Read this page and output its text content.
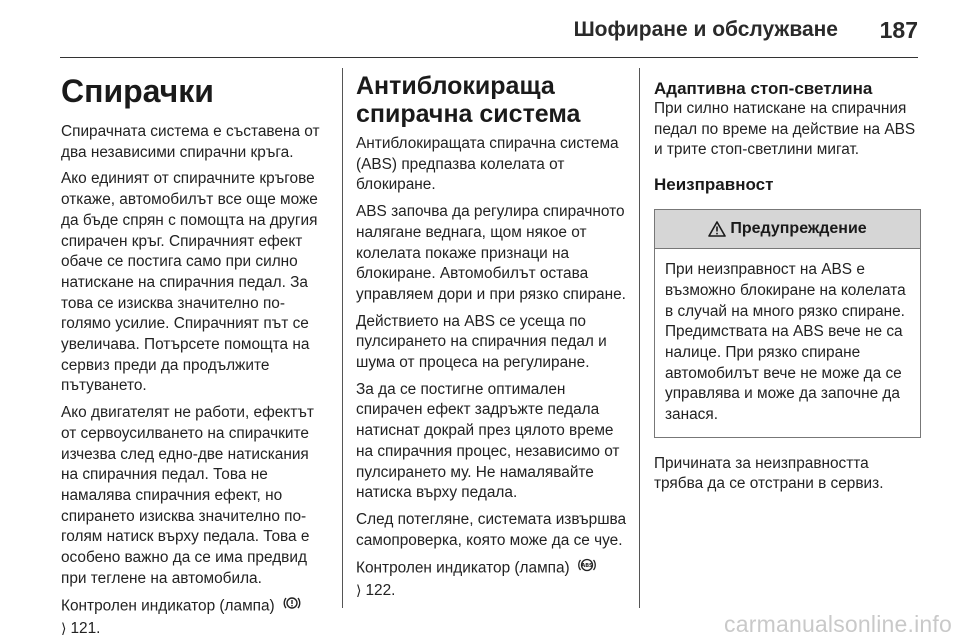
Шофиране и обслужване 187
Спирачки

Спирачната система е съставена от два независими спирачни кръга.

Ако единият от спирачните кръгове откаже, автомобилът все още може да бъде спрян с помощта на другия спирачен кръг. Спирачният ефект обаче се постига само при силно натискане на спирачния педал. За това се изисква значително по-голямо усилие. Спирачният път се увеличава. Потърсете помощта на сервиз преди да продължите пътуването.

Ако двигателят не работи, ефектът от сервоусилването на спирачките изчезва след едно-две натискания на спирачния педал. Това не намалява спирачния ефект, но спирането изисква значително по-голям натиск върху педала. Това е особено важно да се има предвид при теглене на автомобила.

Контролен индикатор (лампа)

⟩ 121.

Антиблокираща спирачна система

Антиблокиращата спирачна система (ABS) предпазва колелата от блокиране.

ABS започва да регулира спирачното налягане веднага, щом някое от колелата покаже признаци на блокиране. Автомобилът остава управляем дори и при рязко спиране.

Действието на ABS се усеща по пулсирането на спирачния педал и шума от процеса на регулиране.

За да се постигне оптимален спирачен ефект задръжте педала натиснат докрай през цялото време на спирачния процес, независимо от пулсирането му. Не намалявайте натиска върху педала.

След потегляне, системата извършва самопроверка, която може да се чуе.

Контролен индикатор (лампа) ABS

⟩ 122.

Адаптивна стоп-светлина

При силно натискане на спирачния педал по време на действие на ABS и трите стоп-светлини мигат.

Неизправност
Предупреждение
При неизправност на ABS е възможно блокиране на колелата в случай на много рязко спиране. Предимствата на ABS вече не са налице. При рязко спиране автомобилът вече не може да се управлява и може да започне да занася.

Причината за неизправността трябва да се отстрани в сервиз.

carmanualsonline.info
